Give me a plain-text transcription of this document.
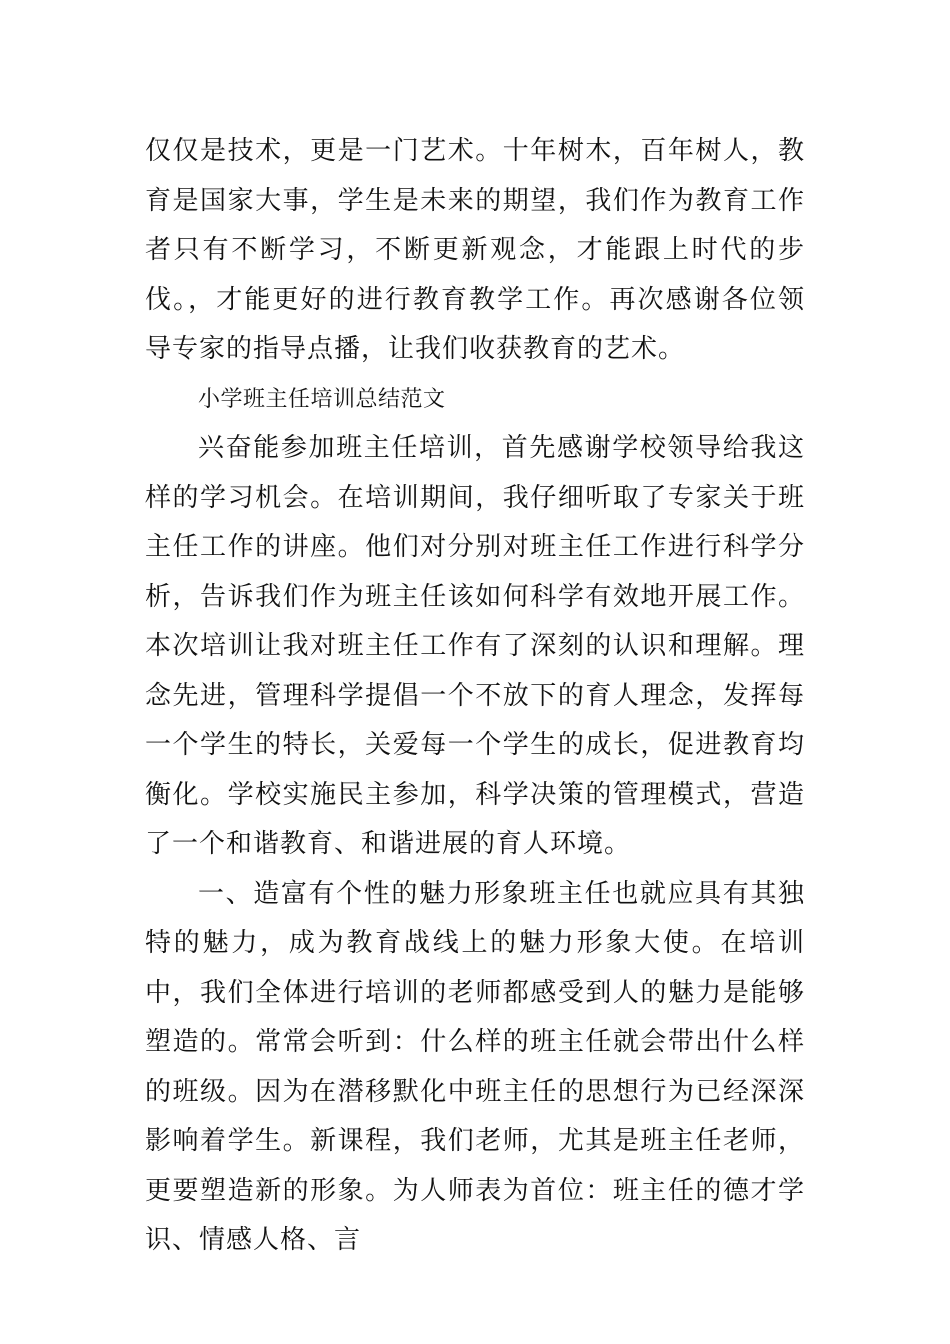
仅仅是技术，更是一门艺术。十年树木，百年树人，教育是国家大事，学生是未来的期望，我们作为教育工作者只有不断学习，不断更新观念，才能跟上时代的步伐。，才能更好的进行教育教学工作。再次感谢各位领导专家的指导点播，让我们收获教育的艺术。

小学班主任培训总结范文

兴奋能参加班主任培训，首先感谢学校领导给我这样的学习机会。在培训期间，我仔细听取了专家关于班主任工作的讲座。他们对分别对班主任工作进行科学分析，告诉我们作为班主任该如何科学有效地开展工作。本次培训让我对班主任工作有了深刻的认识和理解。理念先进，管理科学提倡一个不放下的育人理念，发挥每一个学生的特长，关爱每一个学生的成长，促进教育均衡化。学校实施民主参加，科学决策的管理模式，营造了一个和谐教育、和谐进展的育人环境。

一、造富有个性的魅力形象班主任也就应具有其独特的魅力，成为教育战线上的魅力形象大使。在培训中，我们全体进行培训的老师都感受到人的魅力是能够塑造的。常常会听到：什么样的班主任就会带出什么样的班级。因为在潜移默化中班主任的思想行为已经深深影响着学生。新课程，我们老师，尤其是班主任老师，更要塑造新的形象。为人师表为首位：班主任的德才学识、情感人格、言
